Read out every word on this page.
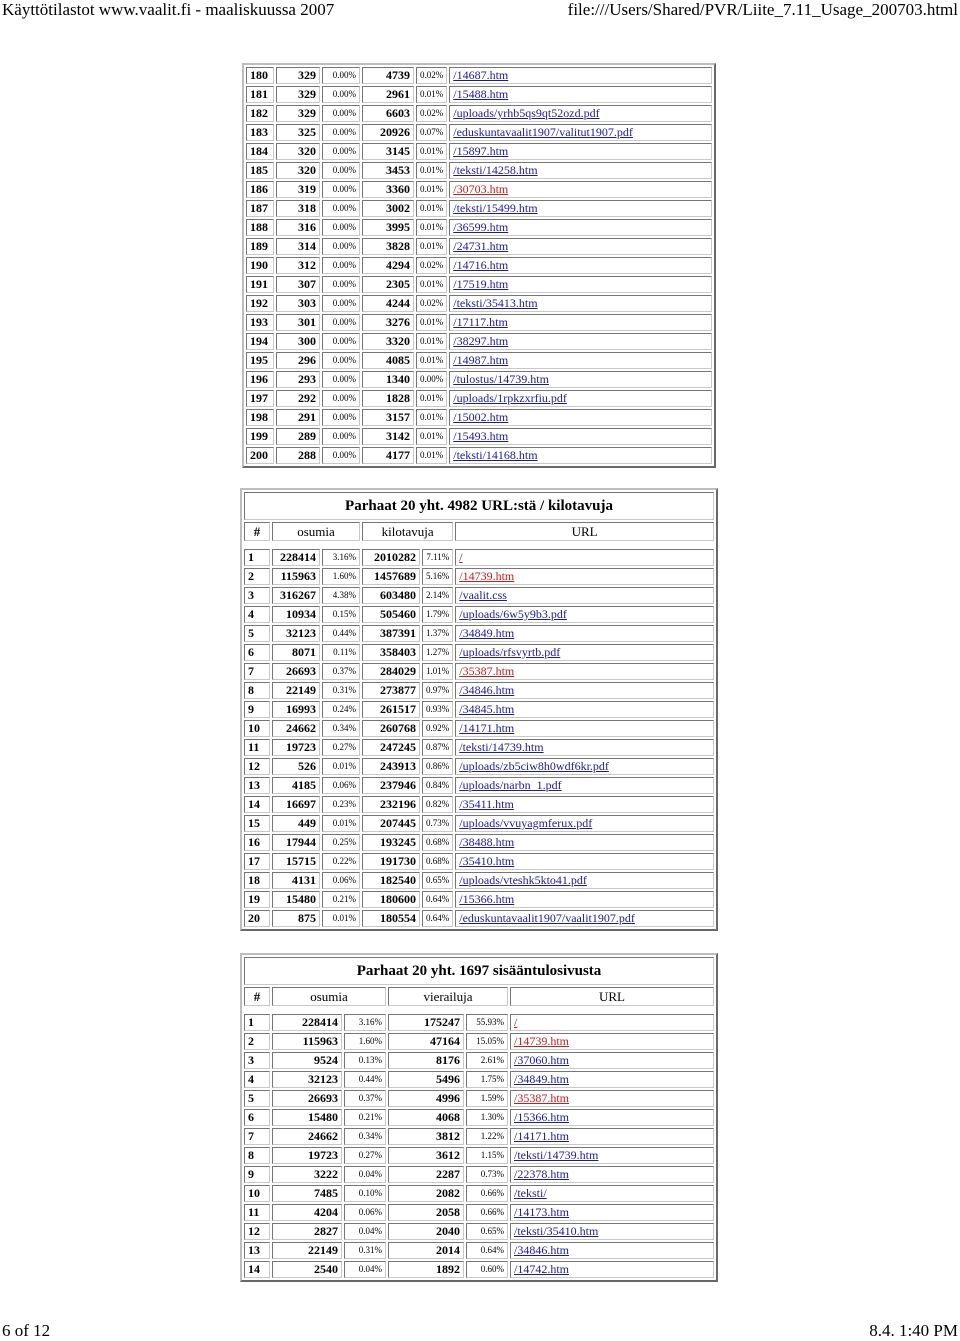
Käyttötilastot www.vaalit.fi - maaliskuussa 2007	file:///Users/Shared/PVR/Liite_7.11_Usage_200703.html
180	329	0.00%	4739	0.02%	/14687.htm
181	329	0.00%	2961	0.01%	/15488.htm
182	329	0.00%	6603	0.02%	/uploads/yrhb5qs9qt52ozd.pdf
183	325	0.00%	20926	0.07%	/eduskuntavaalit1907/valitut1907.pdf
184	320	0.00%	3145	0.01%	/15897.htm
185	320	0.00%	3453	0.01%	/teksti/14258.htm
186	319	0.00%	3360	0.01%	/30703.htm
187	318	0.00%	3002	0.01%	/teksti/15499.htm
188	316	0.00%	3995	0.01%	/36599.htm
189	314	0.00%	3828	0.01%	/24731.htm
190	312	0.00%	4294	0.02%	/14716.htm
191	307	0.00%	2305	0.01%	/17519.htm
192	303	0.00%	4244	0.02%	/teksti/35413.htm
193	301	0.00%	3276	0.01%	/17117.htm
194	300	0.00%	3320	0.01%	/38297.htm
195	296	0.00%	4085	0.01%	/14987.htm
196	293	0.00%	1340	0.00%	/tulostus/14739.htm
197	292	0.00%	1828	0.01%	/uploads/1rpkzxrfiu.pdf
198	291	0.00%	3157	0.01%	/15002.htm
199	289	0.00%	3142	0.01%	/15493.htm
200	288	0.00%	4177	0.01%	/teksti/14168.htm
Parhaat 20 yht. 4982 URL:stä / kilotavuja					
#	osumia		kilotavuja		URL

1	228414	3.16%	2010282	7.11%	/
2	115963	1.60%	1457689	5.16%	/14739.htm
3	316267	4.38%	603480	2.14%	/vaalit.css
4	10934	0.15%	505460	1.79%	/uploads/6w5y9b3.pdf
5	32123	0.44%	387391	1.37%	/34849.htm
6	8071	0.11%	358403	1.27%	/uploads/rfsvyrtb.pdf
7	26693	0.37%	284029	1.01%	/35387.htm
8	22149	0.31%	273877	0.97%	/34846.htm
9	16993	0.24%	261517	0.93%	/34845.htm
10	24662	0.34%	260768	0.92%	/14171.htm
11	19723	0.27%	247245	0.87%	/teksti/14739.htm
12	526	0.01%	243913	0.86%	/uploads/zb5ciw8h0wdf6kr.pdf
13	4185	0.06%	237946	0.84%	/uploads/narbn_1.pdf
14	16697	0.23%	232196	0.82%	/35411.htm
15	449	0.01%	207445	0.73%	/uploads/vvuyagmferux.pdf
16	17944	0.25%	193245	0.68%	/38488.htm
17	15715	0.22%	191730	0.68%	/35410.htm
18	4131	0.06%	182540	0.65%	/uploads/vteshk5kto41.pdf
19	15480	0.21%	180600	0.64%	/15366.htm
20	875	0.01%	180554	0.64%	/eduskuntavaalit1907/vaalit1907.pdf
Parhaat 20 yht. 1697 sisääntulosivusta					
#	osumia		vierailuja		URL

1	228414	3.16%	175247	55.93%	/
2	115963	1.60%	47164	15.05%	/14739.htm
3	9524	0.13%	8176	2.61%	/37060.htm
4	32123	0.44%	5496	1.75%	/34849.htm
5	26693	0.37%	4996	1.59%	/35387.htm
6	15480	0.21%	4068	1.30%	/15366.htm
7	24662	0.34%	3812	1.22%	/14171.htm
8	19723	0.27%	3612	1.15%	/teksti/14739.htm
9	3222	0.04%	2287	0.73%	/22378.htm
10	7485	0.10%	2082	0.66%	/teksti/
11	4204	0.06%	2058	0.66%	/14173.htm
12	2827	0.04%	2040	0.65%	/teksti/35410.htm
13	22149	0.31%	2014	0.64%	/34846.htm
14	2540	0.04%	1892	0.60%	/14742.htm
6 of 12	8.4. 1:40 PM
